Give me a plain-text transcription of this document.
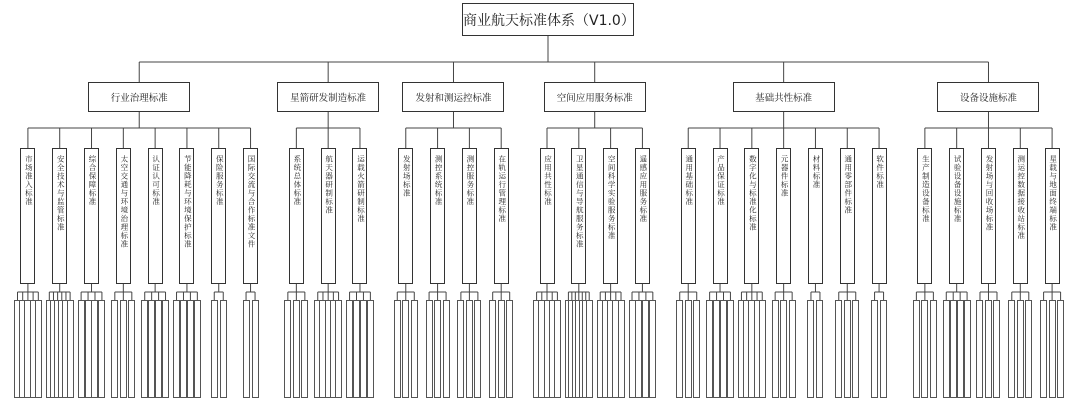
商业航天标准体系（V1.0）
行业治理标准
市场准入标准	安全技术与监管标准	综合保障标准	太空交通与环境治理标准	认证认可标准	节能降耗与环境保护标准	保险服务标准	国际交流与合作标准文件
星箭研发制造标准
系统总体标准	航天器研制标准	运载火箭研制标准
发射和测运控标准
发射场标准	测控系统标准	测控服务标准	在轨运行管理标准
空间应用服务标准
应用共性标准	卫星通信与导航服务标准	空间科学实验服务标准	遥感应用服务标准
基础共性标准
通用基础标准	产品保证标准	数字化与标准化标准	元器件标准	材料标准	通用零部件标准	软件标准
设备设施标准
生产制造设备标准	试验设备设施标准	发射场与回收场标准	测运控数据接收站标准	星载与地面终端标准
